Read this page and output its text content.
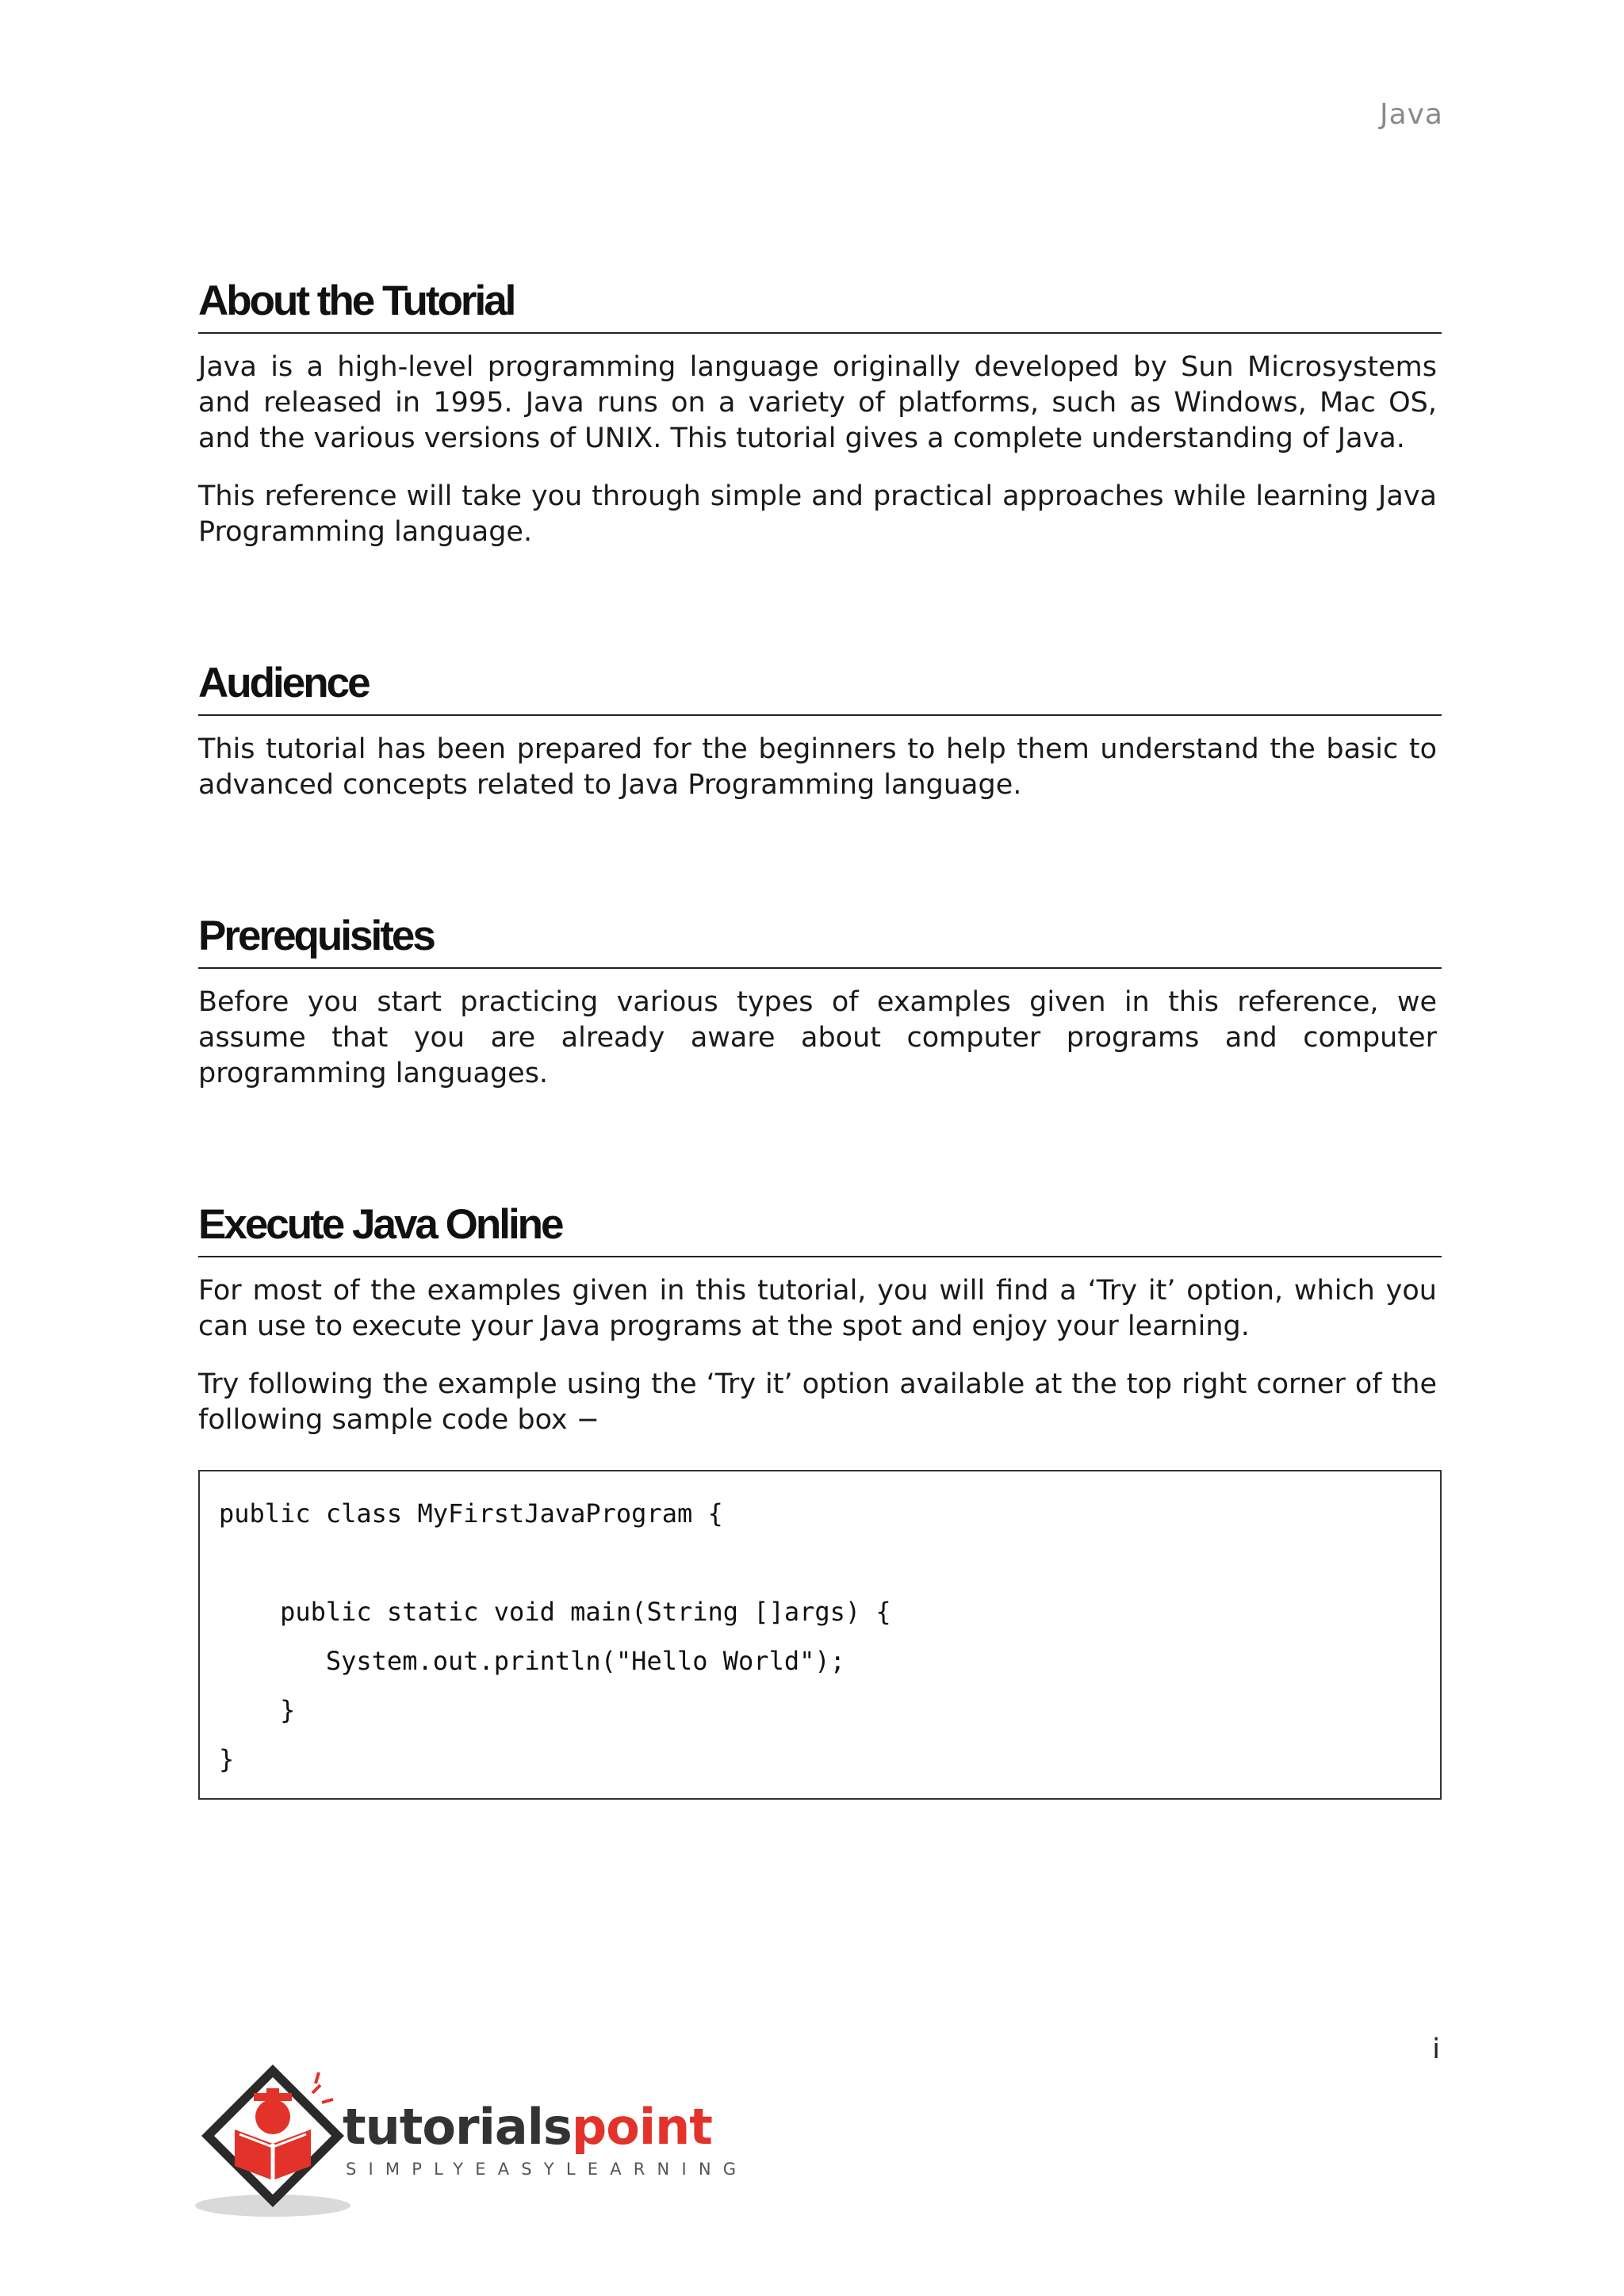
Java
About the Tutorial

Java is a high-level programming language originally developed by Sun Microsystems and released in 1995. Java runs on a variety of platforms, such as Windows, Mac OS, and the various versions of UNIX. This tutorial gives a complete understanding of Java.

This reference will take you through simple and practical approaches while learning Java Programming language.

Audience

This tutorial has been prepared for the beginners to help them understand the basic to advanced concepts related to Java Programming language.

Prerequisites

Before you start practicing various types of examples given in this reference, we assume that you are already aware about computer programs and computer programming languages.

Execute Java Online

For most of the examples given in this tutorial, you will find a ‘Try it’ option, which you can use to execute your Java programs at the spot and enjoy your learning.

Try following the example using the ‘Try it’ option available at the top right corner of the following sample code box −

public class MyFirstJavaProgram {
public static void main(String []args) {
System.out.println("Hello World");
}
}
i
tutorialspoint
SIMPLYEASYLEARNING
